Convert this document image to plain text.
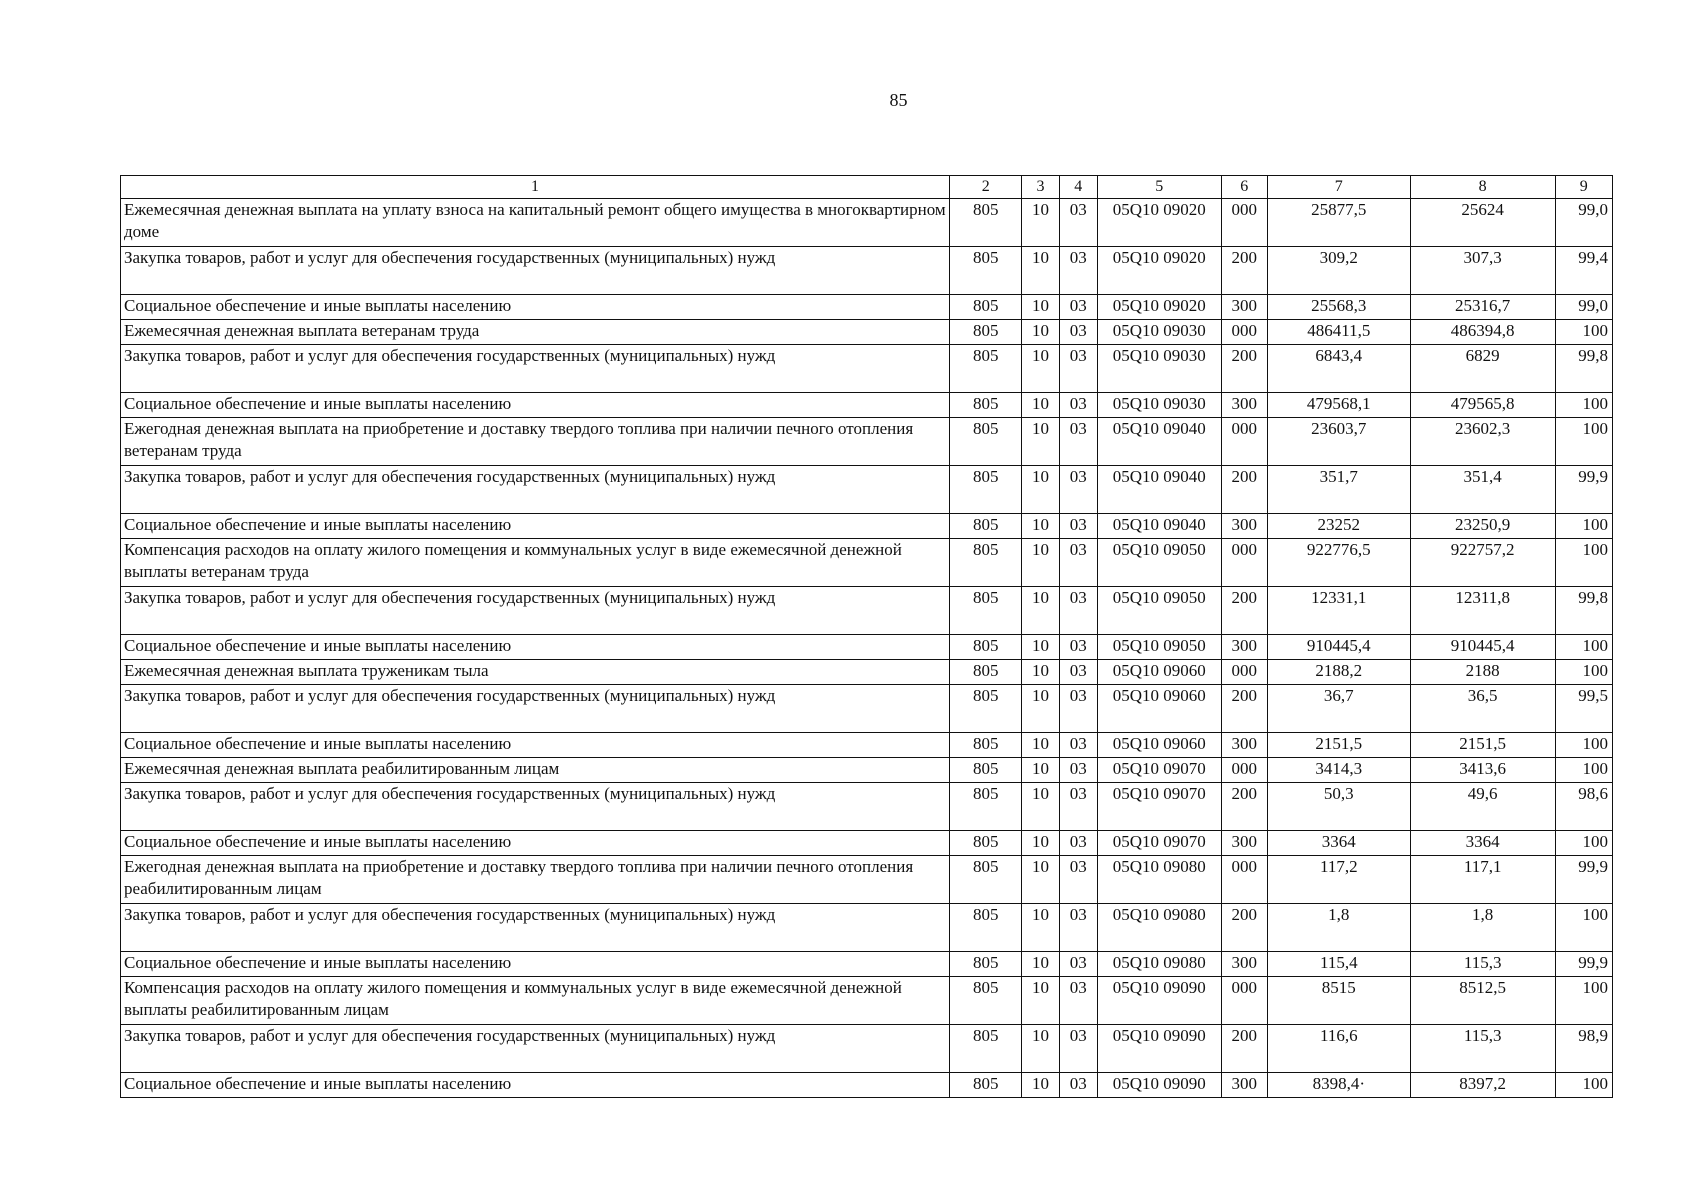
85
1	2	3	4	5	6	7	8	9
Ежемесячная денежная выплата на уплату взноса на капитальный ремонт общего имущества в многоквартирном доме	805	10	03	05Q10 09020	000	25877,5	25624	99,0
Закупка товаров, работ и услуг для обеспечения государственных (муниципальных) нужд	805	10	03	05Q10 09020	200	309,2	307,3	99,4
Социальное обеспечение и иные выплаты населению	805	10	03	05Q10 09020	300	25568,3	25316,7	99,0
Ежемесячная денежная выплата ветеранам труда	805	10	03	05Q10 09030	000	486411,5	486394,8	100
Закупка товаров, работ и услуг для обеспечения государственных (муниципальных) нужд	805	10	03	05Q10 09030	200	6843,4	6829	99,8
Социальное обеспечение и иные выплаты населению	805	10	03	05Q10 09030	300	479568,1	479565,8	100
Ежегодная денежная выплата на приобретение и доставку твердого топлива при наличии печного отопления ветеранам труда	805	10	03	05Q10 09040	000	23603,7	23602,3	100
Закупка товаров, работ и услуг для обеспечения государственных (муниципальных) нужд	805	10	03	05Q10 09040	200	351,7	351,4	99,9
Социальное обеспечение и иные выплаты населению	805	10	03	05Q10 09040	300	23252	23250,9	100
Компенсация расходов на оплату жилого помещения и коммунальных услуг в виде ежемесячной денежной выплаты ветеранам труда	805	10	03	05Q10 09050	000	922776,5	922757,2	100
Закупка товаров, работ и услуг для обеспечения государственных (муниципальных) нужд	805	10	03	05Q10 09050	200	12331,1	12311,8	99,8
Социальное обеспечение и иные выплаты населению	805	10	03	05Q10 09050	300	910445,4	910445,4	100
Ежемесячная денежная выплата труженикам тыла	805	10	03	05Q10 09060	000	2188,2	2188	100
Закупка товаров, работ и услуг для обеспечения государственных (муниципальных) нужд	805	10	03	05Q10 09060	200	36,7	36,5	99,5
Социальное обеспечение и иные выплаты населению	805	10	03	05Q10 09060	300	2151,5	2151,5	100
Ежемесячная денежная выплата реабилитированным лицам	805	10	03	05Q10 09070	000	3414,3	3413,6	100
Закупка товаров, работ и услуг для обеспечения государственных (муниципальных) нужд	805	10	03	05Q10 09070	200	50,3	49,6	98,6
Социальное обеспечение и иные выплаты населению	805	10	03	05Q10 09070	300	3364	3364	100
Ежегодная денежная выплата на приобретение и доставку твердого топлива при наличии печного отопления реабилитированным лицам	805	10	03	05Q10 09080	000	117,2	117,1	99,9
Закупка товаров, работ и услуг для обеспечения государственных (муниципальных) нужд	805	10	03	05Q10 09080	200	1,8	1,8	100
Социальное обеспечение и иные выплаты населению	805	10	03	05Q10 09080	300	115,4	115,3	99,9
Компенсация расходов на оплату жилого помещения и коммунальных услуг в виде ежемесячной денежной выплаты реабилитированным лицам	805	10	03	05Q10 09090	000	8515	8512,5	100
Закупка товаров, работ и услуг для обеспечения государственных (муниципальных) нужд	805	10	03	05Q10 09090	200	116,6	115,3	98,9
Социальное обеспечение и иные выплаты населению	805	10	03	05Q10 09090	300	8398,4·	8397,2	100
